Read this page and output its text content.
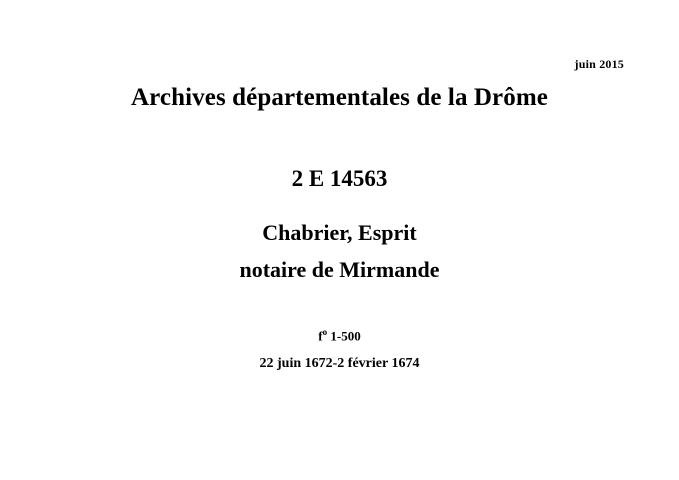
juin 2015
Archives départementales de la Drôme
2 E 14563
Chabrier, Esprit
notaire de Mirmande
$f^o$ 1-500
22 juin 1672-2 février 1674
